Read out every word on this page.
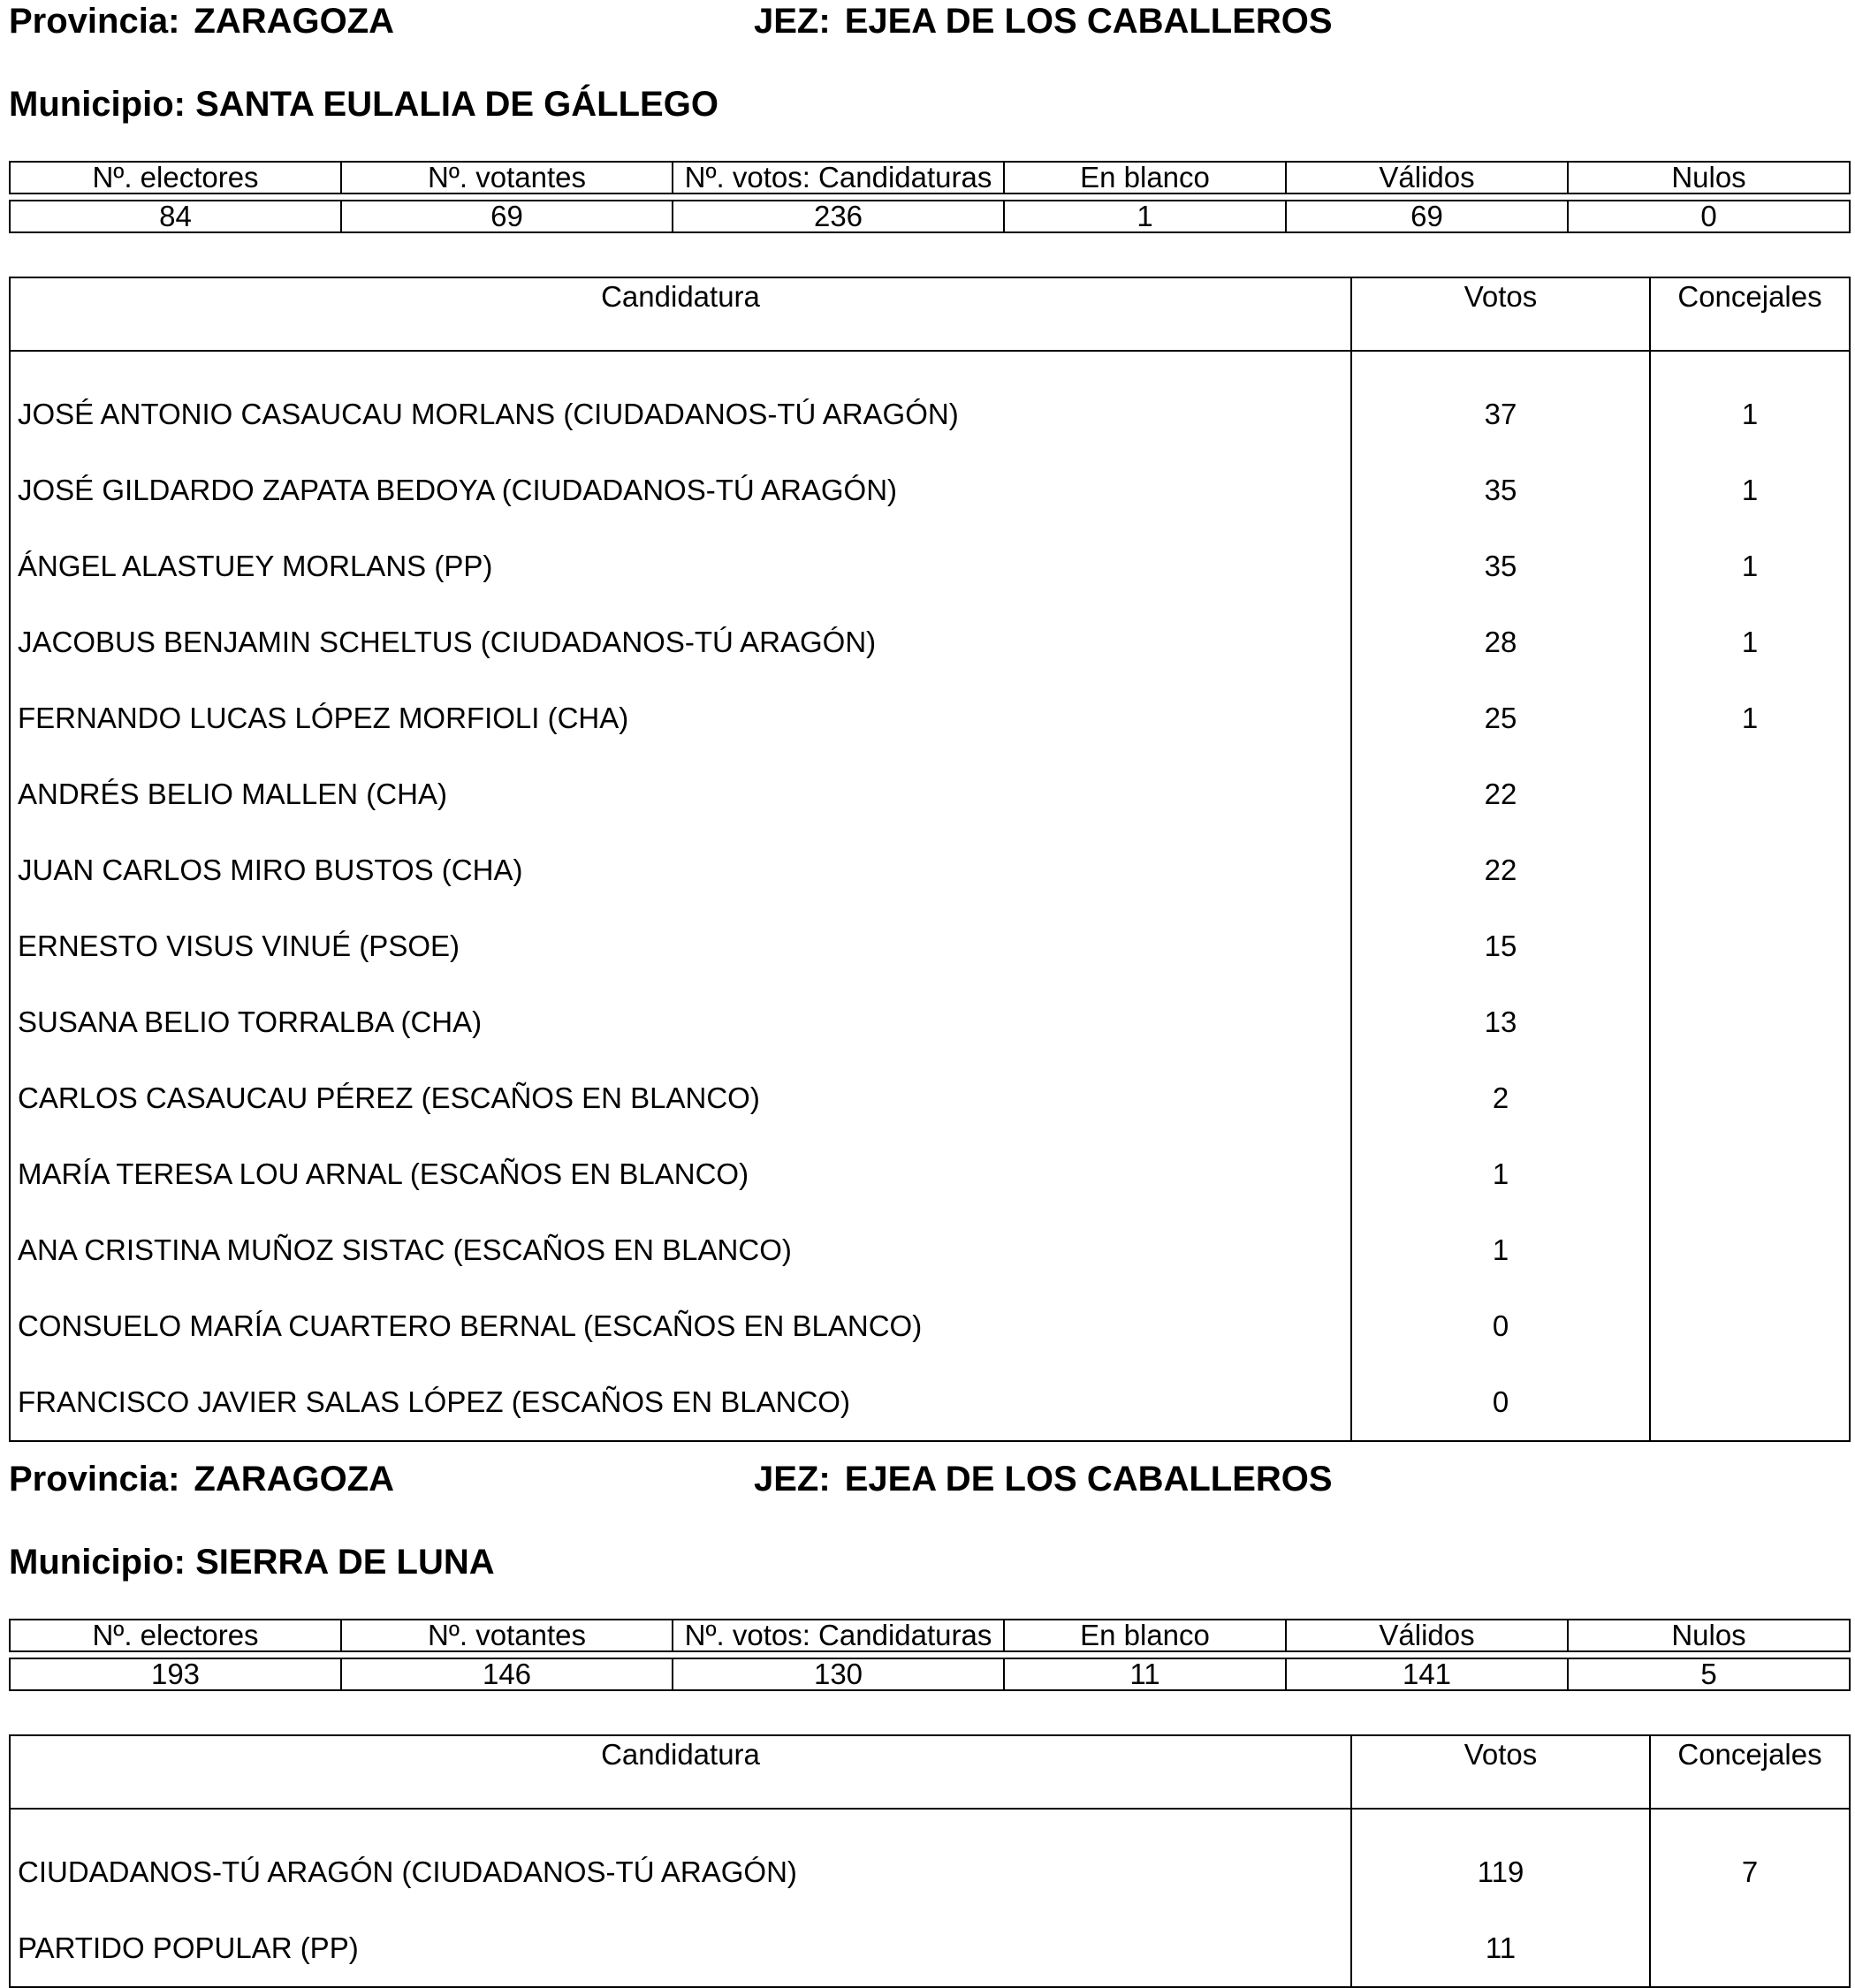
Provincia: ZARAGOZA	JEZ: EJEA DE LOS CABALLEROS
Municipio: SANTA EULALIA DE GÁLLEGO
Nº. electores	Nº. votantes	Nº. votos: Candidaturas	En blanco	Válidos	Nulos

84	69	236	1	69	0
Candidatura	Votos	Concejales
JOSÉ ANTONIO CASAUCAU MORLANS (CIUDADANOS-TÚ ARAGÓN)	37	1
JOSÉ GILDARDO ZAPATA BEDOYA (CIUDADANOS-TÚ ARAGÓN)	35	1
ÁNGEL ALASTUEY MORLANS (PP)	35	1
JACOBUS BENJAMIN SCHELTUS (CIUDADANOS-TÚ ARAGÓN)	28	1
FERNANDO LUCAS LÓPEZ MORFIOLI (CHA)	25	1
ANDRÉS BELIO MALLEN (CHA)	22	
JUAN CARLOS MIRO BUSTOS (CHA)	22	
ERNESTO VISUS VINUÉ (PSOE)	15	
SUSANA BELIO TORRALBA (CHA)	13	
CARLOS CASAUCAU PÉREZ (ESCAÑOS EN BLANCO)	2	
MARÍA TERESA LOU ARNAL (ESCAÑOS EN BLANCO)	1	
ANA CRISTINA MUÑOZ SISTAC (ESCAÑOS EN BLANCO)	1	
CONSUELO MARÍA CUARTERO BERNAL (ESCAÑOS EN BLANCO)	0	
FRANCISCO JAVIER SALAS LÓPEZ (ESCAÑOS EN BLANCO)	0	
Provincia: ZARAGOZA	JEZ: EJEA DE LOS CABALLEROS
Municipio: SIERRA DE LUNA
Nº. electores	Nº. votantes	Nº. votos: Candidaturas	En blanco	Válidos	Nulos

193	146	130	11	141	5
Candidatura	Votos	Concejales
CIUDADANOS-TÚ ARAGÓN (CIUDADANOS-TÚ ARAGÓN)	119	7
PARTIDO POPULAR (PP)	11	
